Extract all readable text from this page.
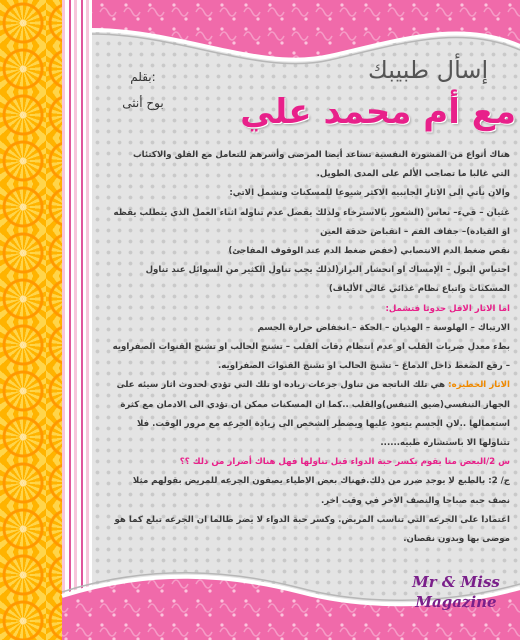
إسأل طبيبك
مع أم محمد علي
بقلم:
بوح أنثى

هناك أنواع من المشورة النفسية تساعد أيضا المرضى وأسرهم للتعامل مع القلق والاكتئاب التي غالبا ما تصاحب الألم على المدى الطويل.

والان نأتي الى الاثار الجانبيه الاكثر شيوعا للمسكنات وتشمل الاتي:

غثيان – قيء– نعاس (الشعور بالاسترخاء ولذلك يفضل عدم تناوله اثناء العمل الذي يتطلب يقظه او القياده)– جفاف الفم – انقباض حدقة العين

نقص ضغط الدم الانتصابي (خفض ضغط الدم عند الوقوف المفاجئ)

احتباس البول – الإمساك او انحشار البراز(لذلك يجب تناول الكثير من السوائل عند تناول المسكنات واتباع نظام غذائي عالي الألياف)

اما الاثار الاقل حدوثا فتشمل:

الارتباك – الهلوسة – الهذيان – الحكة – انخفاض حرارة الجسم

بطء معدل ضربات القلب او عدم انتظام دقات القلب – تشنج الحالب او تشنج القنوات الصفراويه – رفع الضغط داخل الدماغ – تشنج الحالب او تشنج القنوات الصفراويه.

الاثار الخطيره: هي تلك الناتجه من تناول جرعات زياده او تلك التي تؤدي لحدوث اثار سيئه على الجهاز التنفسي(ضيق التنفس)والقلب ..كما ان المسكنات ممكن ان تؤدي الى الادمان مع كثرة استعمالها ..لان الجسم يتعود عليها ويضطر الشخص الى زيادة الجرعه مع مرور الوقت. فلا تتناولها الا باستشاره طبيه......

س 2/البعض منا يقوم بكسر حبة الدواء قبل تناولها فهل هناك أضرار من ذلك ؟؟

ج/ 2: بالطبع لا يوجد ضرر من ذلك.فهناك بعض الاطباء يصفون الجرعه للمريض بقولهم مثلا نصف حبه صباحا والنصف الاخر في وقت اخر.

اعتمادا على الجرعه التي تناسب المريض. وكسر حبة الدواء لا يضر طالما ان الجرعه تبلع كما هو موصى بها وبدون نقصان.

Mr & Miss
Magazine
